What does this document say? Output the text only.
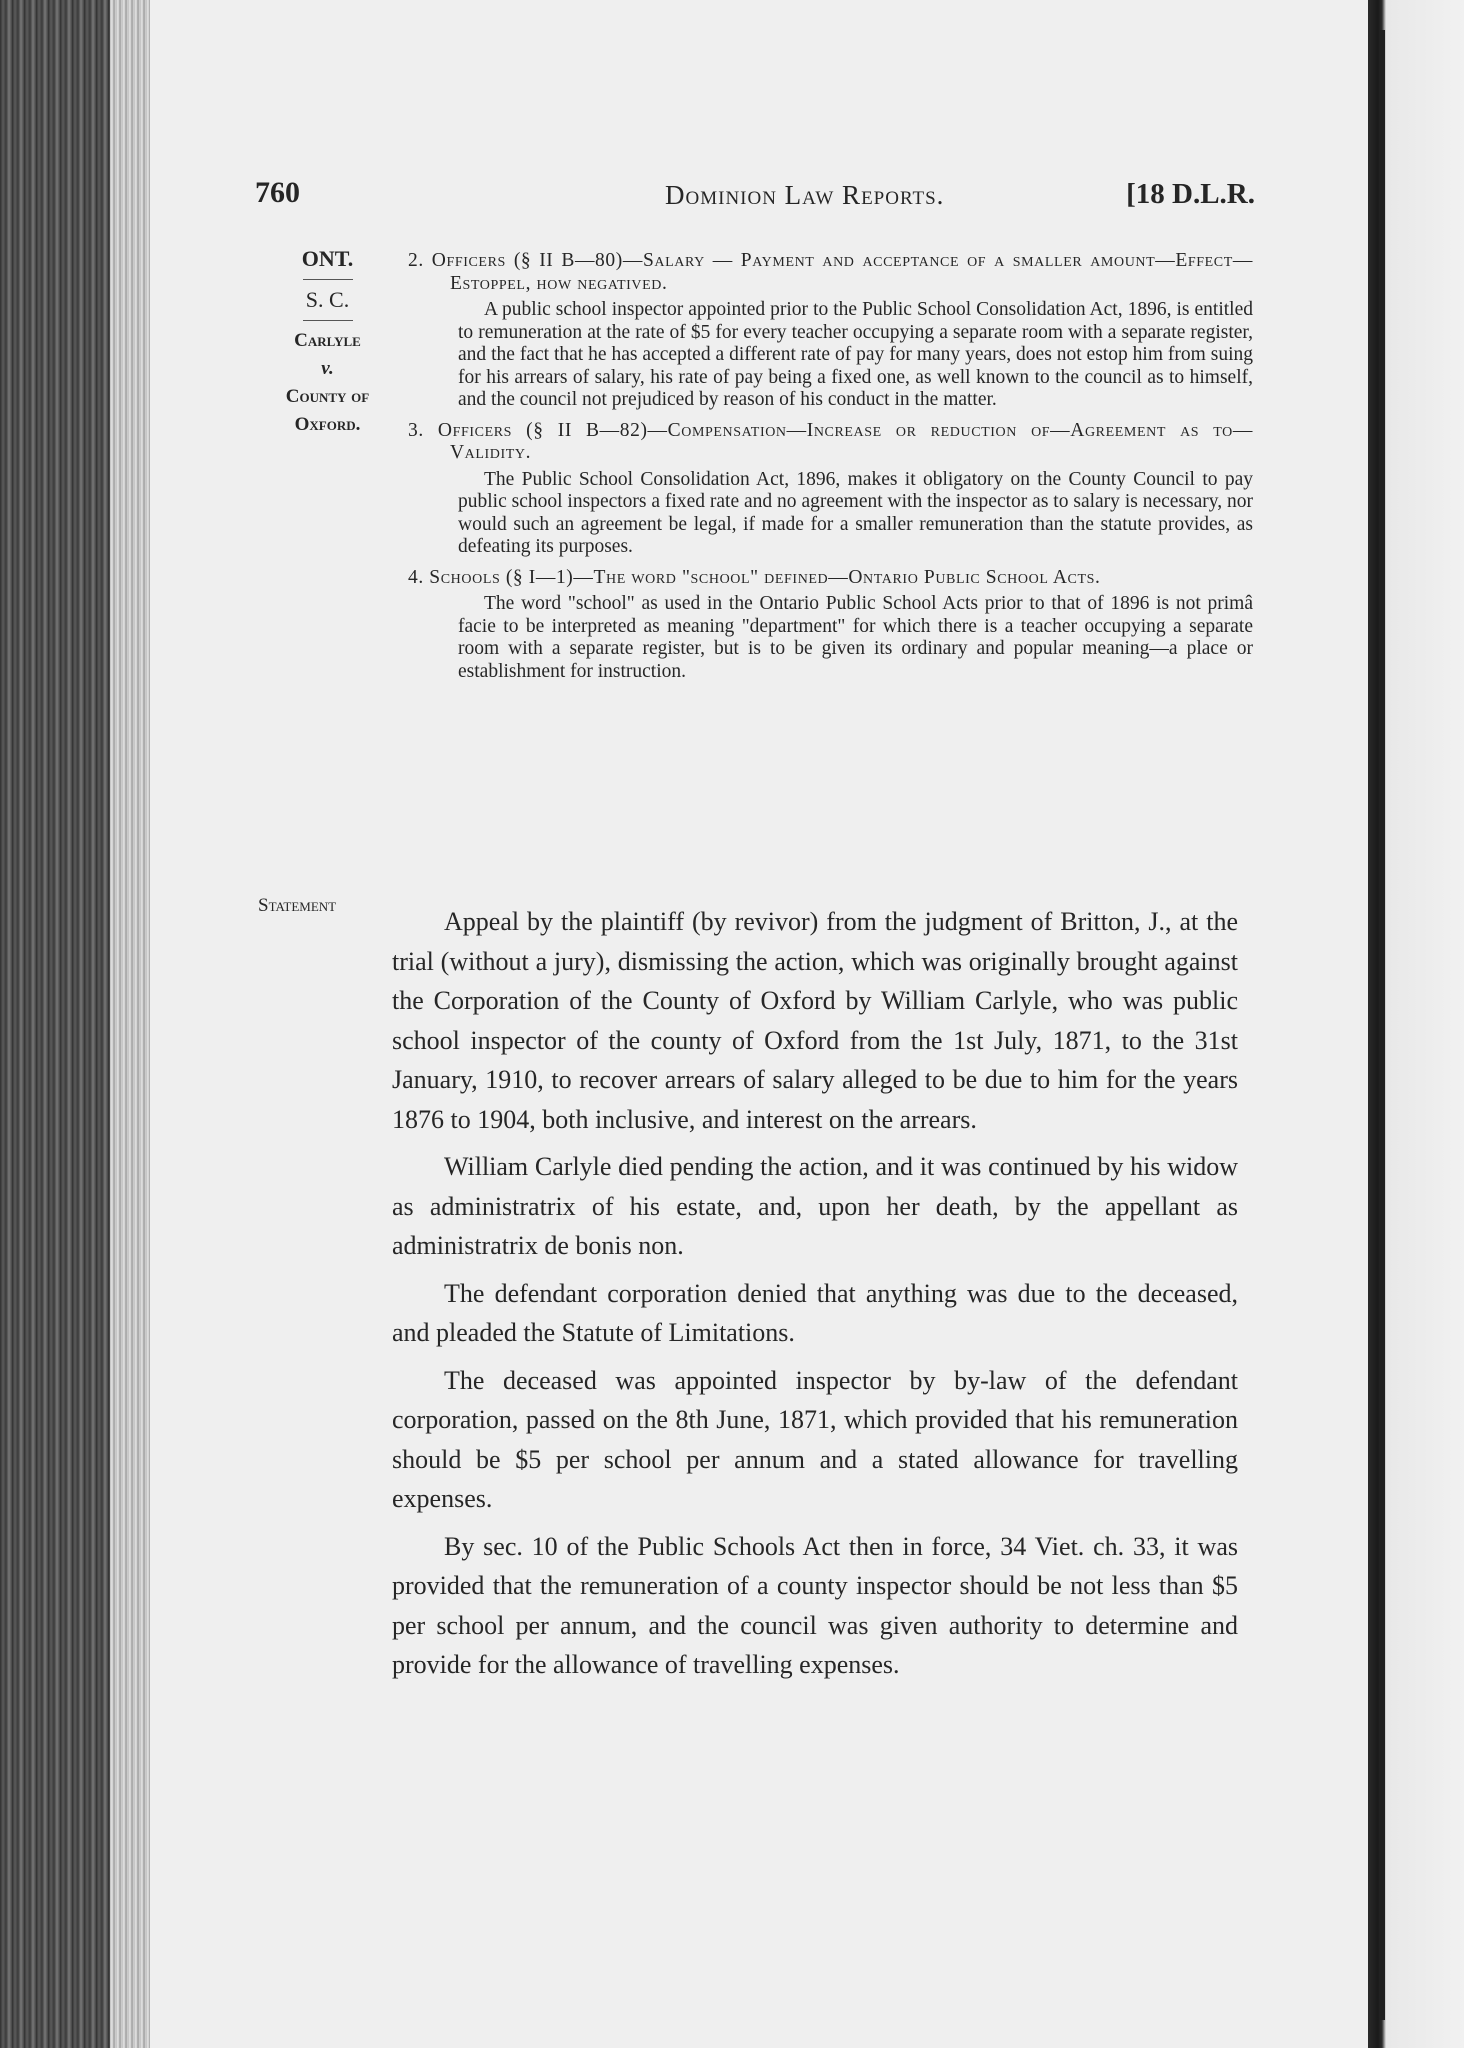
760	Dominion Law Reports.	[18 D.L.R.
ONT.
S. C.
Carlyle
v.
County of
Oxford.
Statement
2. Officers (§ II B—80)—Salary — Payment and acceptance of a smaller amount—Effect—Estoppel, how negatived.
A public school inspector appointed prior to the Public School Consolidation Act, 1896, is entitled to remuneration at the rate of $5 for every teacher occupying a separate room with a separate register, and the fact that he has accepted a different rate of pay for many years, does not estop him from suing for his arrears of salary, his rate of pay being a fixed one, as well known to the council as to himself, and the council not prejudiced by reason of his conduct in the matter.
3. Officers (§ II B—82)—Compensation—Increase or reduction of—Agreement as to—Validity.
The Public School Consolidation Act, 1896, makes it obligatory on the County Council to pay public school inspectors a fixed rate and no agreement with the inspector as to salary is necessary, nor would such an agreement be legal, if made for a smaller remuneration than the statute provides, as defeating its purposes.
4. Schools (§ I—1)—The word "school" defined—Ontario Public School Acts.
The word "school" as used in the Ontario Public School Acts prior to that of 1896 is not primâ facie to be interpreted as meaning "department" for which there is a teacher occupying a separate room with a separate register, but is to be given its ordinary and popular meaning—a place or establishment for instruction.

Appeal by the plaintiff (by revivor) from the judgment of Britton, J., at the trial (without a jury), dismissing the action, which was originally brought against the Corporation of the County of Oxford by William Carlyle, who was public school inspector of the county of Oxford from the 1st July, 1871, to the 31st January, 1910, to recover arrears of salary alleged to be due to him for the years 1876 to 1904, both inclusive, and interest on the arrears.

William Carlyle died pending the action, and it was continued by his widow as administratrix of his estate, and, upon her death, by the appellant as administratrix de bonis non.

The defendant corporation denied that anything was due to the deceased, and pleaded the Statute of Limitations.

The deceased was appointed inspector by by-law of the defendant corporation, passed on the 8th June, 1871, which provided that his remuneration should be $5 per school per annum and a stated allowance for travelling expenses.

By sec. 10 of the Public Schools Act then in force, 34 Viet. ch. 33, it was provided that the remuneration of a county inspector should be not less than $5 per school per annum, and the council was given authority to determine and provide for the allowance of travelling expenses.
